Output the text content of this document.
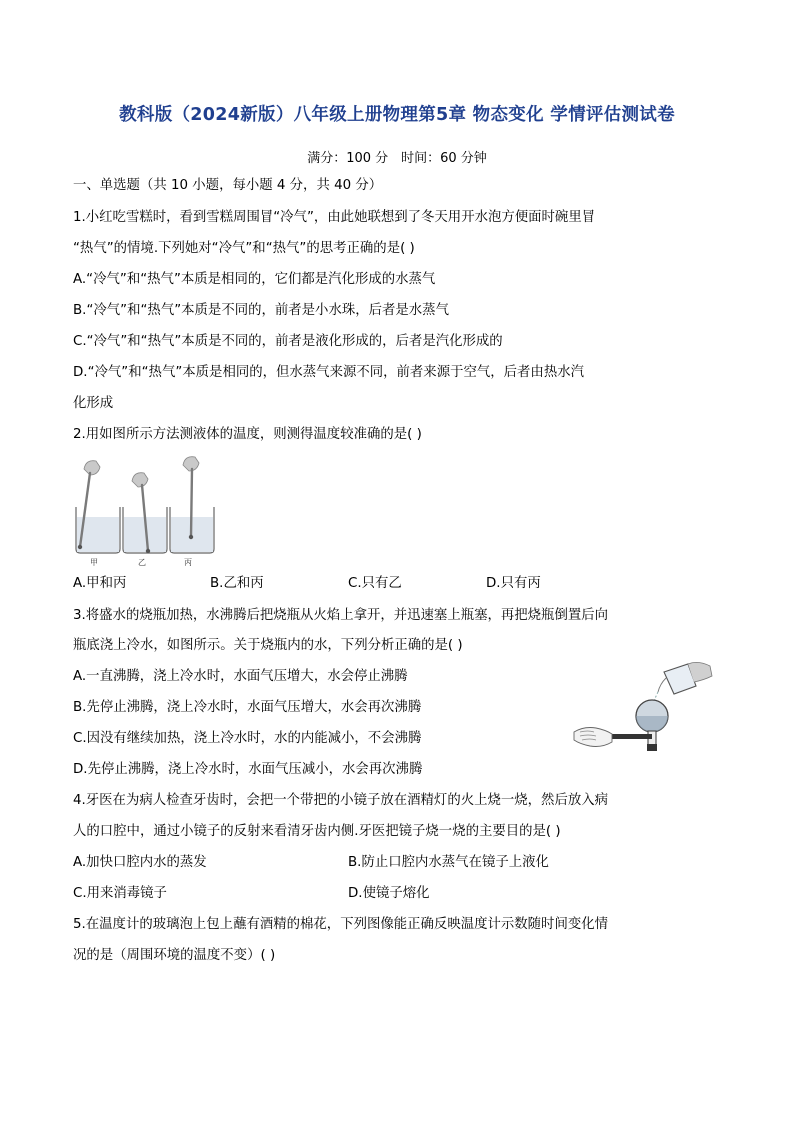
教科版（2024新版）八年级上册物理第5章 物态变化 学情评估测试卷
满分：100 分　时间：60 分钟
一、单选题（共 10 小题，每小题 4 分，共 40 分）
1.小红吃雪糕时，看到雪糕周围冒“冷气”，由此她联想到了冬天用开水泡方便面时碗里冒
“热气”的情境.下列她对“冷气”和“热气”的思考正确的是( )
A.“冷气”和“热气”本质是相同的，它们都是汽化形成的水蒸气
B.“冷气”和“热气”本质是不同的，前者是小水珠，后者是水蒸气
C.“冷气”和“热气”本质是不同的，前者是液化形成的，后者是汽化形成的
D.“冷气”和“热气”本质是相同的，但水蒸气来源不同，前者来源于空气，后者由热水汽
化形成
2.用如图所示方法测液体的温度，则测得温度较准确的是( )
甲	乙	丙
A.甲和丙	B.乙和丙	C.只有乙	D.只有丙
3.将盛水的烧瓶加热，水沸腾后把烧瓶从火焰上拿开，并迅速塞上瓶塞，再把烧瓶倒置后向
瓶底浇上冷水，如图所示。关于烧瓶内的水，下列分析正确的是( )
A.一直沸腾，浇上冷水时，水面气压增大，水会停止沸腾
B.先停止沸腾，浇上冷水时，水面气压增大，水会再次沸腾
C.因没有继续加热，浇上冷水时，水的内能减小，不会沸腾
D.先停止沸腾，浇上冷水时，水面气压减小，水会再次沸腾
4.牙医在为病人检查牙齿时，会把一个带把的小镜子放在酒精灯的火上烧一烧，然后放入病
人的口腔中，通过小镜子的反射来看清牙齿内侧.牙医把镜子烧一烧的主要目的是( )
A.加快口腔内水的蒸发	B.防止口腔内水蒸气在镜子上液化
C.用来消毒镜子	D.使镜子熔化
5.在温度计的玻璃泡上包上蘸有酒精的棉花，下列图像能正确反映温度计示数随时间变化情
况的是（周围环境的温度不变）( )
